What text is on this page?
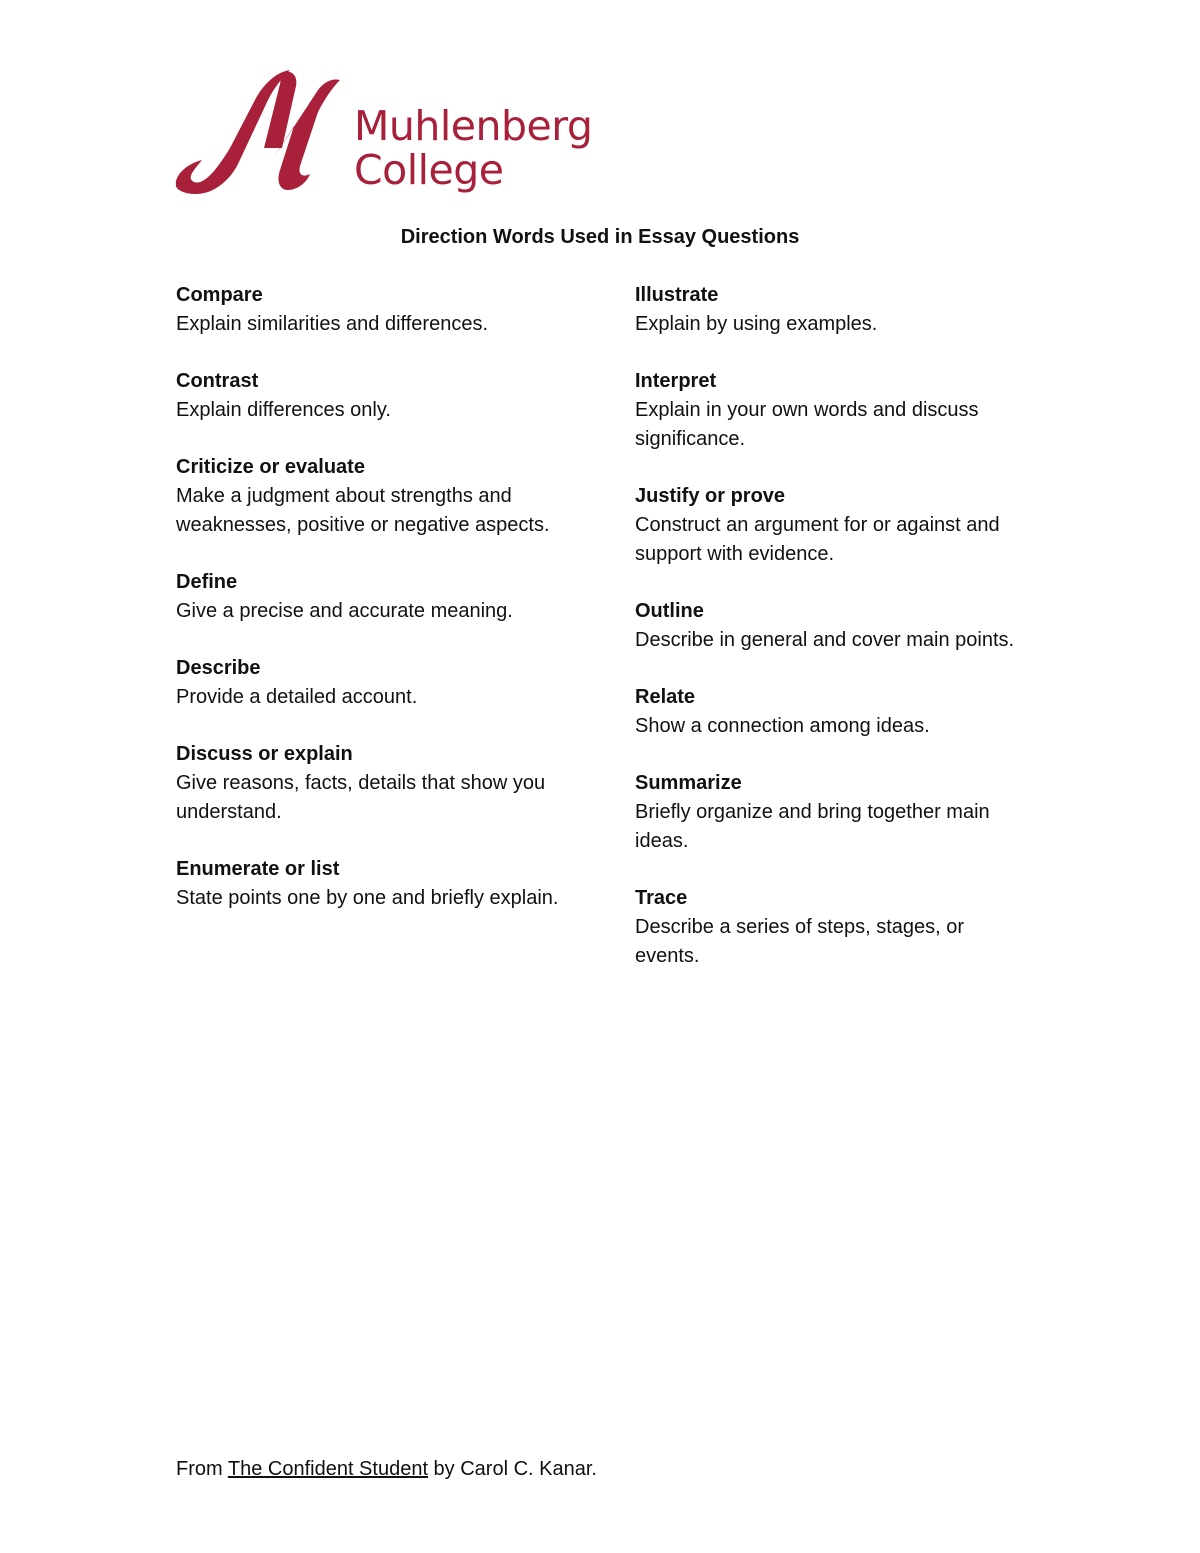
Muhlenberg
College
Direction Words Used in Essay Questions
Compare
Explain similarities and differences.
Contrast
Explain differences only.
Criticize or evaluate
Make a judgment about strengths and weaknesses, positive or negative aspects.
Define
Give a precise and accurate meaning.
Describe
Provide a detailed account.
Discuss or explain
Give reasons, facts, details that show you understand.
Enumerate or list
State points one by one and briefly explain.
Illustrate
Explain by using examples.
Interpret
Explain in your own words and discuss significance.
Justify or prove
Construct an argument for or against and support with evidence.
Outline
Describe in general and cover main points.
Relate
Show a connection among ideas.
Summarize
Briefly organize and bring together main ideas.
Trace
Describe a series of steps, stages, or events.
From The Confident Student by Carol C. Kanar.
